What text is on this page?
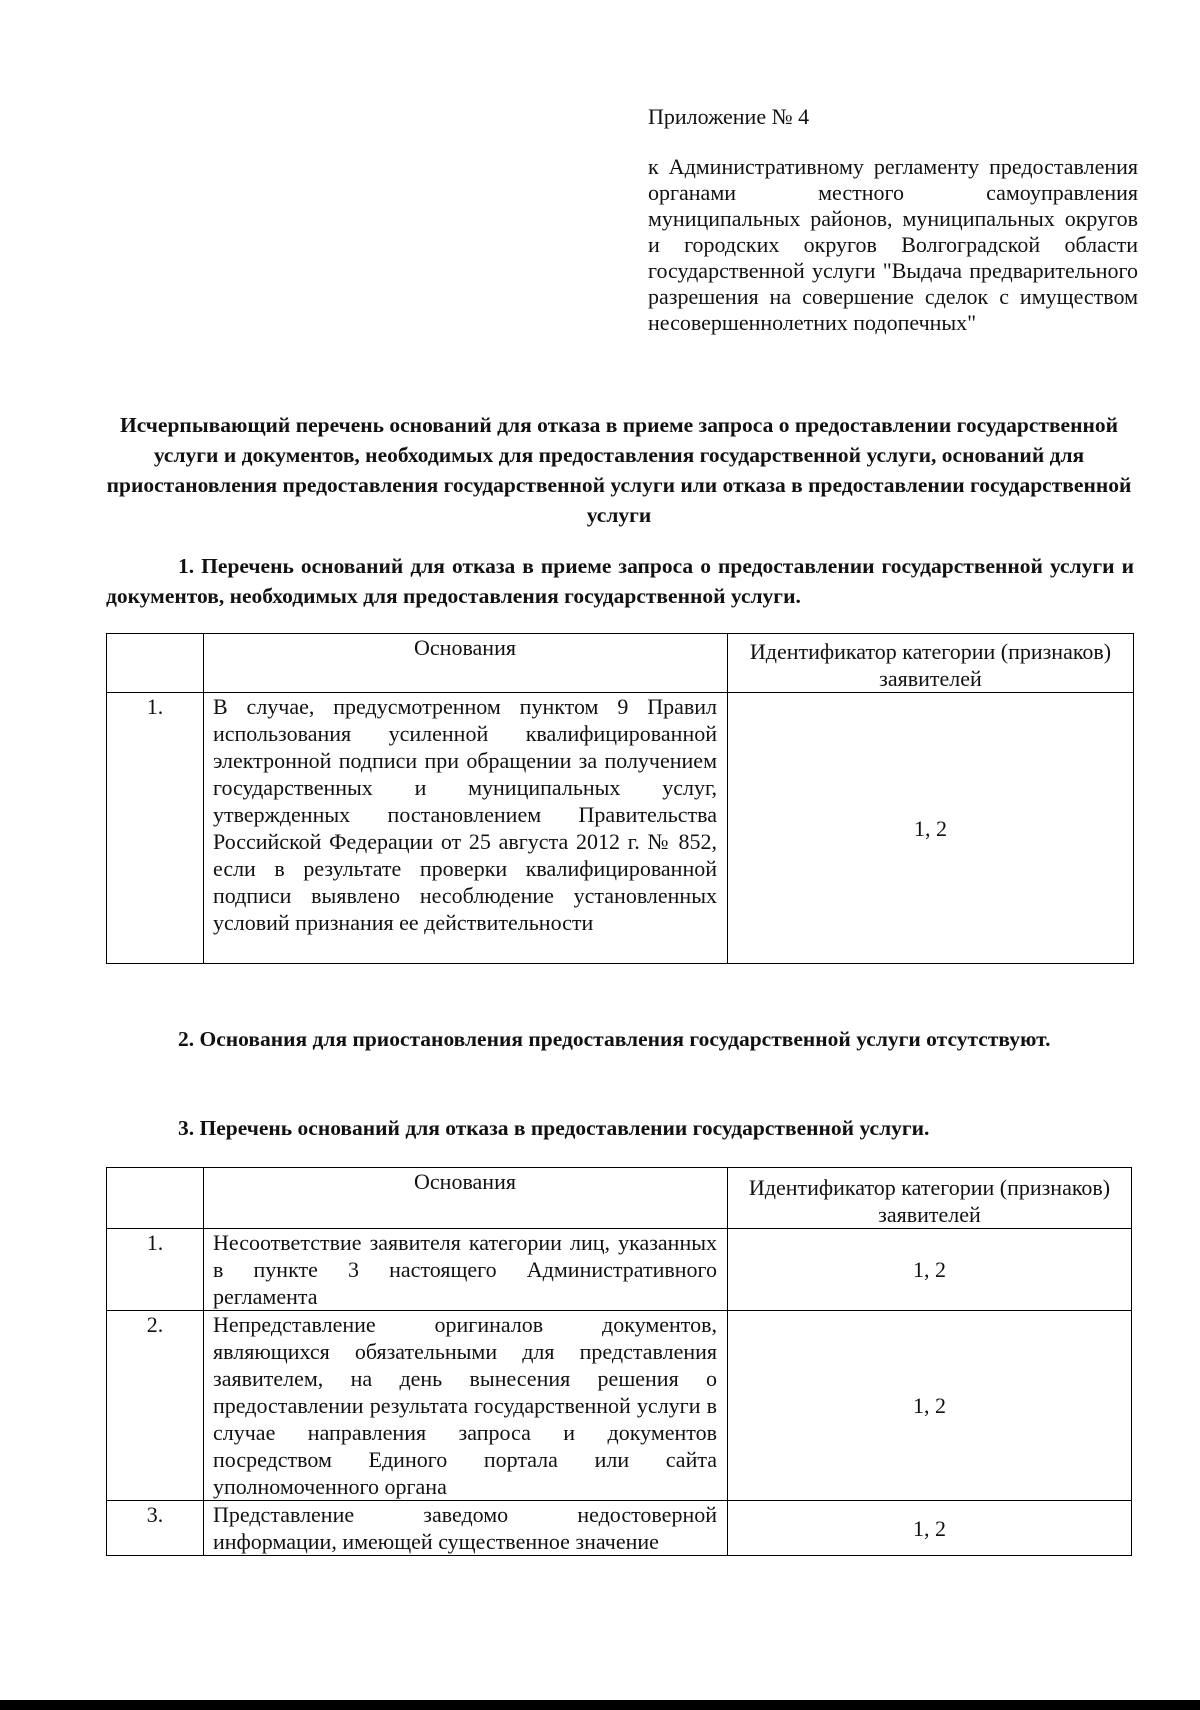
Приложение № 4
к Административному регламенту предоставления органами местного самоуправления муниципальных районов, муниципальных округов и городских округов Волгоградской области государственной услуги "Выдача предварительного разрешения на совершение сделок с имуществом несовершеннолетних подопечных"
Исчерпывающий перечень оснований для отказа в приеме запроса о предоставлении государственной услуги и документов, необходимых для предоставления государственной услуги, оснований для приостановления предоставления государственной услуги или отказа в предоставлении государственной услуги
1. Перечень оснований для отказа в приеме запроса о предоставлении государственной услуги и документов, необходимых для предоставления государственной услуги.
	Основания	Идентификатор категории (признаков) заявителей
1.	В случае, предусмотренном пунктом 9 Правил использования усиленной квалифицированной электронной подписи при обращении за получением государственных и муниципальных услуг, утвержденных постановлением Правительства Российской Федерации от 25 августа 2012 г. № 852, если в результате проверки квалифицированной подписи выявлено несоблюдение установленных условий признания ее действительности	1, 2
2. Основания для приостановления предоставления государственной услуги отсутствуют.
3. Перечень оснований для отказа в предоставлении государственной услуги.
	Основания	Идентификатор категории (признаков) заявителей
1.	Несоответствие заявителя категории лиц, указанных в пункте 3 настоящего Административного регламента	1, 2
2.	Непредставление оригиналов документов, являющихся обязательными для представления заявителем, на день вынесения решения о предоставлении результата государственной услуги в случае направления запроса и документов посредством Единого портала или сайта уполномоченного органа	1, 2
3.	Представление заведомо недостоверной информации, имеющей существенное значение	1, 2
